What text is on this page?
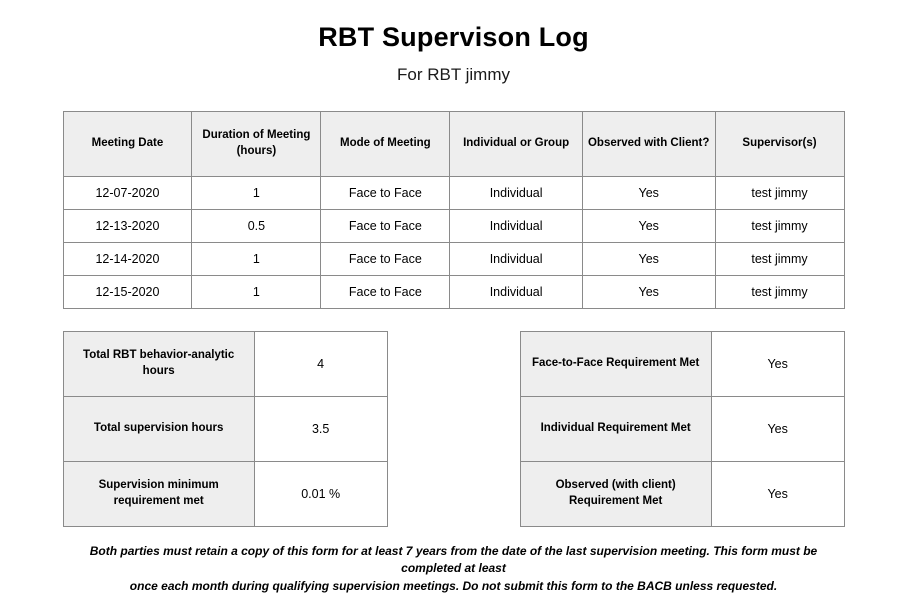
RBT Supervison Log
For RBT jimmy
Meeting Date	Duration of Meeting (hours)	Mode of Meeting	Individual or Group	Observed with Client?	Supervisor(s)
12-07-2020	1	Face to Face	Individual	Yes	test jimmy
12-13-2020	0.5	Face to Face	Individual	Yes	test jimmy
12-14-2020	1	Face to Face	Individual	Yes	test jimmy
12-15-2020	1	Face to Face	Individual	Yes	test jimmy
Total RBT behavior-analytic hours	4
Total supervision hours	3.5
Supervision minimum requirement met	0.01 %
Face-to-Face Requirement Met	Yes
Individual Requirement Met	Yes
Observed (with client) Requirement Met	Yes
Both parties must retain a copy of this form for at least 7 years from the date of the last supervision meeting. This form must be completed at least
once each month during qualifying supervision meetings. Do not submit this form to the BACB unless requested.
